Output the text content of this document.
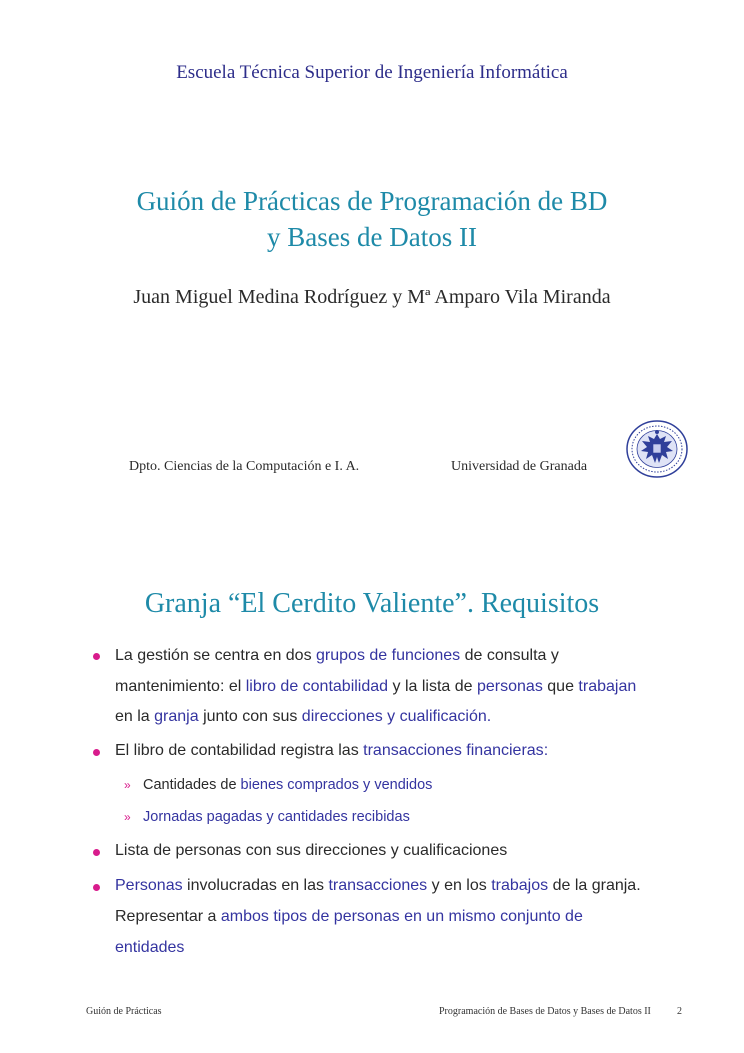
Escuela Técnica Superior de Ingeniería Informática
Guión de Prácticas de Programación de BD
y Bases de Datos II
Juan Miguel Medina Rodríguez y Mª Amparo Vila Miranda
Dpto. Ciencias de la Computación e I. A.	Universidad de Granada
Granja “El Cerdito Valiente”. Requisitos
La gestión se centra en dos grupos de funciones de consulta y
mantenimiento: el libro de contabilidad y la lista de personas que trabajan
en la granja junto con sus direcciones y cualificación.
El libro de contabilidad registra las transacciones financieras:
» Cantidades de bienes comprados y vendidos
» Jornadas pagadas y cantidades recibidas
Lista de personas con sus direcciones y cualificaciones
Personas involucradas en las transacciones y en los trabajos de la granja.
Representar a ambos tipos de personas en un mismo conjunto de
entidades
Guión de Prácticas	Programación de Bases de Datos y Bases de Datos II	2
